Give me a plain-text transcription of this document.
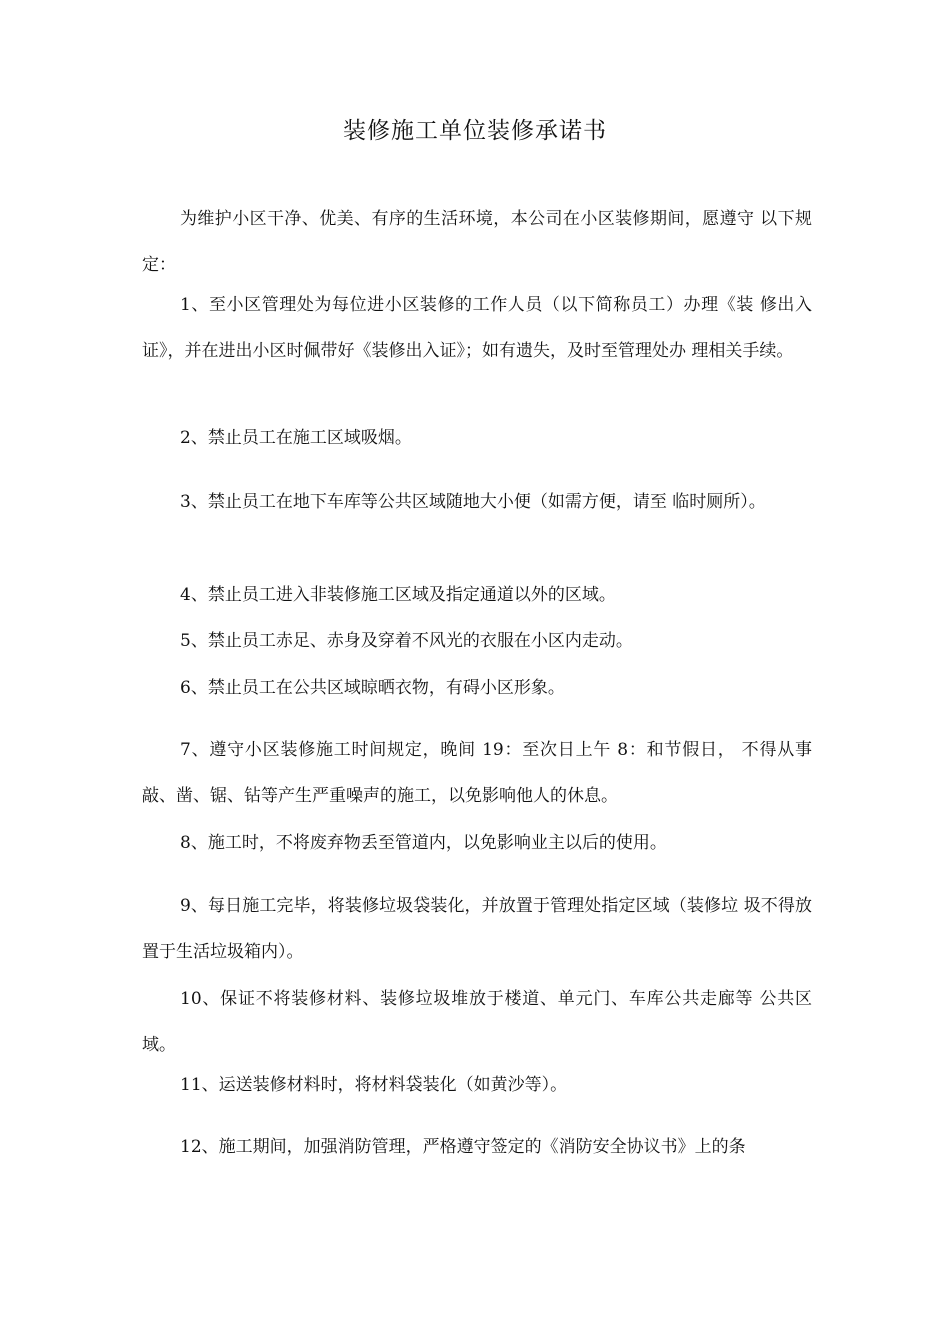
装修施工单位装修承诺书

为维护小区干净、优美、有序的生活环境，本公司在小区装修期间，愿遵守 以下规定：

1、至小区管理处为每位进小区装修的工作人员（以下简称员工）办理《装 修出入证》，并在进出小区时佩带好《装修出入证》；如有遗失，及时至管理处办 理相关手续。

2、禁止员工在施工区域吸烟。

3、禁止员工在地下车库等公共区域随地大小便（如需方便，请至 临时厕所）。

4、禁止员工进入非装修施工区域及指定通道以外的区域。

5、禁止员工赤足、赤身及穿着不风光的衣服在小区内走动。

6、禁止员工在公共区域晾晒衣物，有碍小区形象。

7、遵守小区装修施工时间规定，晚间 19：至次日上午 8：和节假日， 不得从事敲、凿、锯、钻等产生严重噪声的施工，以免影响他人的休息。

8、施工时，不将废弃物丢至管道内，以免影响业主以后的使用。

9、每日施工完毕，将装修垃圾袋装化，并放置于管理处指定区域（装修垃 圾不得放置于生活垃圾箱内）。

10、保证不将装修材料、装修垃圾堆放于楼道、单元门、车库公共走廊等 公共区域。

11、运送装修材料时，将材料袋装化（如黄沙等）。

12、施工期间，加强消防管理，严格遵守签定的《消防安全协议书》上的条
